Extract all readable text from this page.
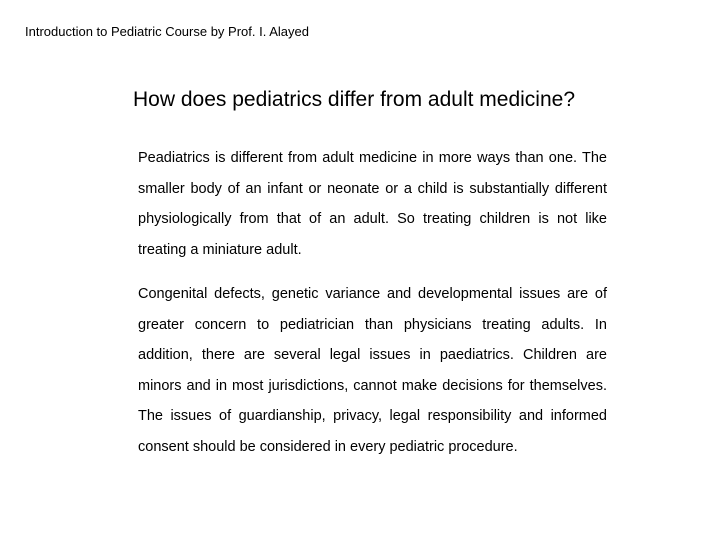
Introduction to Pediatric Course by Prof. I. Alayed
How does pediatrics differ from adult medicine?

Peadiatrics is different from adult medicine in more ways than one. The smaller body of an infant or neonate or a child is substantially different physiologically from that of an adult. So treating children is not like treating a miniature adult.

Congenital defects, genetic variance and developmental issues are of greater concern to pediatrician than physicians treating adults. In addition, there are several legal issues in paediatrics. Children are minors and in most jurisdictions, cannot make decisions for themselves. The issues of guardianship, privacy, legal responsibility and informed consent should be considered in every pediatric procedure.
